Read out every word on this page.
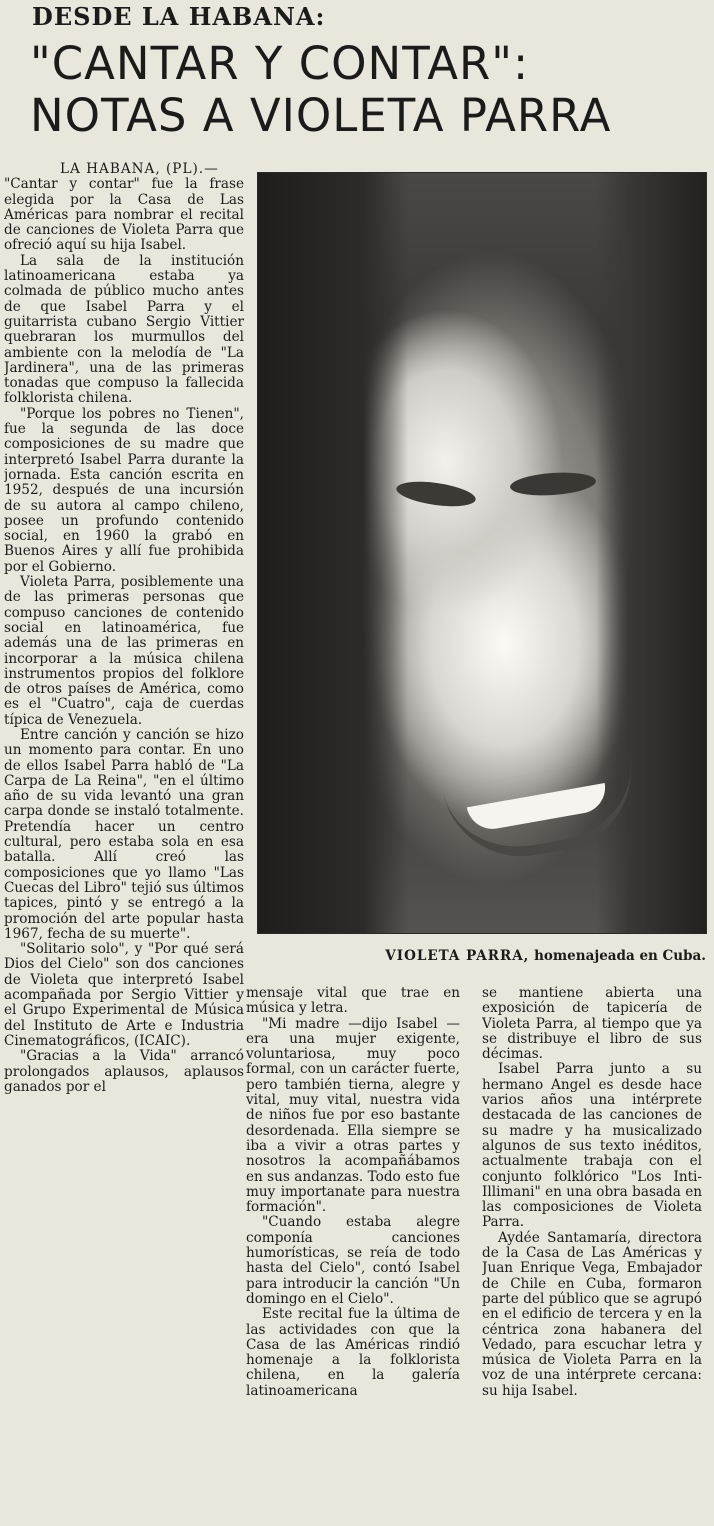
DESDE LA HABANA:
"CANTAR Y CONTAR":
NOTAS A VIOLETA PARRA

LA HABANA, (PL).—

"Cantar y contar" fue la frase elegida por la Casa de Las Américas para nombrar el recital de canciones de Violeta Parra que ofreció aquí su hija Isabel.

La sala de la institución latinoamericana estaba ya colmada de público mucho antes de que Isabel Parra y el guitarrista cubano Sergio Vittier quebraran los murmullos del ambiente con la melodía de "La Jardinera", una de las primeras tonadas que compuso la fallecida folklorista chilena.

"Porque los pobres no Tienen", fue la segunda de las doce composiciones de su madre que interpretó Isabel Parra durante la jornada. Esta canción escrita en 1952, después de una incursión de su autora al campo chileno, posee un profundo contenido social, en 1960 la grabó en Buenos Aires y allí fue prohibida por el Gobierno.

Violeta Parra, posiblemente una de las primeras personas que compuso canciones de contenido social en latinoamérica, fue además una de las primeras en incorporar a la música chilena instrumentos propios del folklore de otros países de América, como es el "Cuatro", caja de cuerdas típica de Venezuela.

Entre canción y canción se hizo un momento para contar. En uno de ellos Isabel Parra habló de "La Carpa de La Reina", "en el último año de su vida levantó una gran carpa donde se instaló totalmente. Pretendía hacer un centro cultural, pero estaba sola en esa batalla. Allí creó las composiciones que yo llamo "Las Cuecas del Libro" tejió sus últimos tapices, pintó y se entregó a la promoción del arte popular hasta 1967, fecha de su muerte".

"Solitario solo", y "Por qué será Dios del Cielo" son dos canciones de Violeta que interpretó Isabel acompañada por Sergio Vittier y el Grupo Experimental de Música del Instituto de Arte e Industria Cinematográficos, (ICAIC).

"Gracias a la Vida" arrancó prolongados aplausos, aplausos ganados por el

VIOLETA PARRA, homenajeada en Cuba.

mensaje vital que trae en música y letra.

"Mi madre —dijo Isabel — era una mujer exigente, voluntariosa, muy poco formal, con un carácter fuerte, pero también tierna, alegre y vital, muy vital, nuestra vida de niños fue por eso bastante desordenada. Ella siempre se iba a vivir a otras partes y nosotros la acompañábamos en sus andanzas. Todo esto fue muy importanate para nuestra formación".

"Cuando estaba alegre componía canciones humorísticas, se reía de todo hasta del Cielo", contó Isabel para introducir la canción "Un domingo en el Cielo".

Este recital fue la última de las actividades con que la Casa de las Américas rindió homenaje a la folklorista chilena, en la galería latinoamericana

se mantiene abierta una exposición de tapicería de Violeta Parra, al tiempo que ya se distribuye el libro de sus décimas.

Isabel Parra junto a su hermano Angel es desde hace varios años una intérprete destacada de las canciones de su madre y ha musicalizado algunos de sus texto inéditos, actualmente trabaja con el conjunto folklórico "Los Inti-Illimani" en una obra basada en las composiciones de Violeta Parra.

Aydée Santamaría, directora de la Casa de Las Américas y Juan Enrique Vega, Embajador de Chile en Cuba, formaron parte del público que se agrupó en el edificio de tercera y en la céntrica zona habanera del Vedado, para escuchar letra y música de Violeta Parra en la voz de una intérprete cercana: su hija Isabel.
